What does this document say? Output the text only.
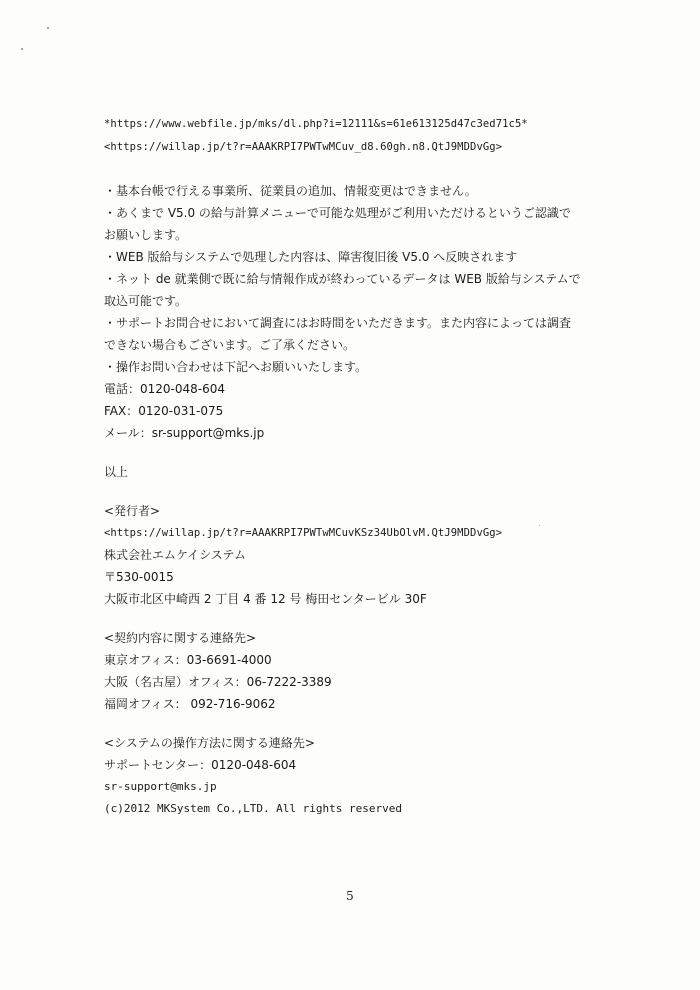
*https://www.webfile.jp/mks/dl.php?i=12111&s=61e613125d47c3ed71c5*
<https://willap.jp/t?r=AAAKRPI7PWTwMCuv_d8.60gh.n8.QtJ9MDDvGg>
・基本台帳で行える事業所、従業員の追加、情報変更はできません。
・あくまで V5.0 の給与計算メニューで可能な処理がご利用いただけるというご認識で
お願いします。
・WEB 版給与システムで処理した内容は、障害復旧後 V5.0 へ反映されます
・ネット de 就業側で既に給与情報作成が終わっているデータは WEB 版給与システムで
取込可能です。
・サポートお問合せにおいて調査にはお時間をいただきます。また内容によっては調査
できない場合もございます。ご了承ください。
・操作お問い合わせは下記へお願いいたします。
電話：0120-048-604
FAX：0120-031-075
メール：sr-support@mks.jp
以上
<発行者>
<https://willap.jp/t?r=AAAKRPI7PWTwMCuvKSz34UbOlvM.QtJ9MDDvGg>
株式会社エムケイシステム
〒530-0015
大阪市北区中崎西 2 丁目 4 番 12 号 梅田センタービル 30F
<契約内容に関する連絡先>
東京オフィス：03-6691-4000
大阪（名古屋）オフィス：06-7222-3389
福岡オフィス： 092-716-9062
<システムの操作方法に関する連絡先>
サポートセンター：0120-048-604
sr-support@mks.jp
(c)2012 MKSystem Co.,LTD. All rights reserved
5
